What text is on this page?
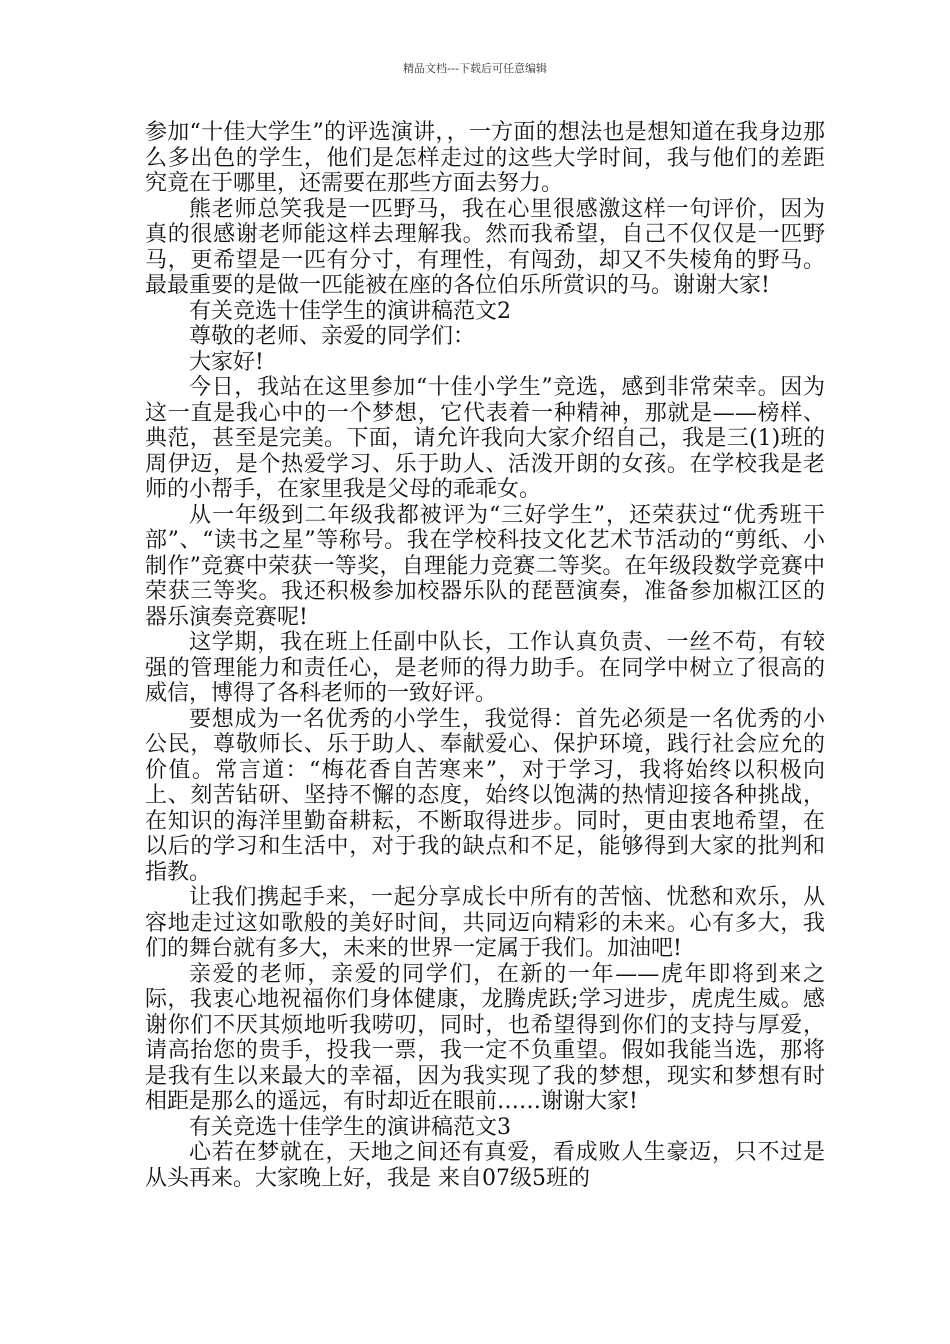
精品文档---下载后可任意编辑

参加“十佳大学生”的评选演讲，，一方面的想法也是想知道在我身边那么多出色的学生，他们是怎样走过的这些大学时间，我与他们的差距究竟在于哪里，还需要在那些方面去努力。

熊老师总笑我是一匹野马，我在心里很感激这样一句评价，因为真的很感谢老师能这样去理解我。然而我希望，自己不仅仅是一匹野马，更希望是一匹有分寸，有理性，有闯劲，却又不失棱角的野马。最最重要的是做一匹能被在座的各位伯乐所赏识的马。谢谢大家!

有关竞选十佳学生的演讲稿范文2

尊敬的老师、亲爱的同学们：

大家好!

今日，我站在这里参加“十佳小学生”竞选，感到非常荣幸。因为这一直是我心中的一个梦想，它代表着一种精神，那就是——榜样、典范，甚至是完美。下面，请允许我向大家介绍自己，我是三(1)班的周伊迈，是个热爱学习、乐于助人、活泼开朗的女孩。在学校我是老师的小帮手，在家里我是父母的乖乖女。

从一年级到二年级我都被评为“三好学生”，还荣获过“优秀班干部”、“读书之星”等称号。我在学校科技文化艺术节活动的“剪纸、小制作”竞赛中荣获一等奖，自理能力竞赛二等奖。在年级段数学竞赛中荣获三等奖。我还积极参加校器乐队的琵琶演奏，准备参加椒江区的器乐演奏竞赛呢!

这学期，我在班上任副中队长，工作认真负责、一丝不苟，有较强的管理能力和责任心，是老师的得力助手。在同学中树立了很高的威信，博得了各科老师的一致好评。

要想成为一名优秀的小学生，我觉得：首先必须是一名优秀的小公民，尊敬师长、乐于助人、奉献爱心、保护环境，践行社会应允的价值。常言道：“梅花香自苦寒来”，对于学习，我将始终以积极向上、刻苦钻研、坚持不懈的态度，始终以饱满的热情迎接各种挑战，在知识的海洋里勤奋耕耘，不断取得进步。同时，更由衷地希望，在以后的学习和生活中，对于我的缺点和不足，能够得到大家的批判和指教。

让我们携起手来，一起分享成长中所有的苦恼、忧愁和欢乐，从容地走过这如歌般的美好时间，共同迈向精彩的未来。心有多大，我们的舞台就有多大，未来的世界一定属于我们。加油吧!

亲爱的老师，亲爱的同学们，在新的一年——虎年即将到来之际，我衷心地祝福你们身体健康，龙腾虎跃;学习进步，虎虎生威。感谢你们不厌其烦地听我唠叨，同时，也希望得到你们的支持与厚爱，请高抬您的贵手，投我一票，我一定不负重望。假如我能当选，那将是我有生以来最大的幸福，因为我实现了我的梦想，现实和梦想有时相距是那么的遥远，有时却近在眼前……谢谢大家!

有关竞选十佳学生的演讲稿范文3

心若在梦就在，天地之间还有真爱，看成败人生豪迈，只不过是从头再来。大家晚上好，我是 来自07级5班的
